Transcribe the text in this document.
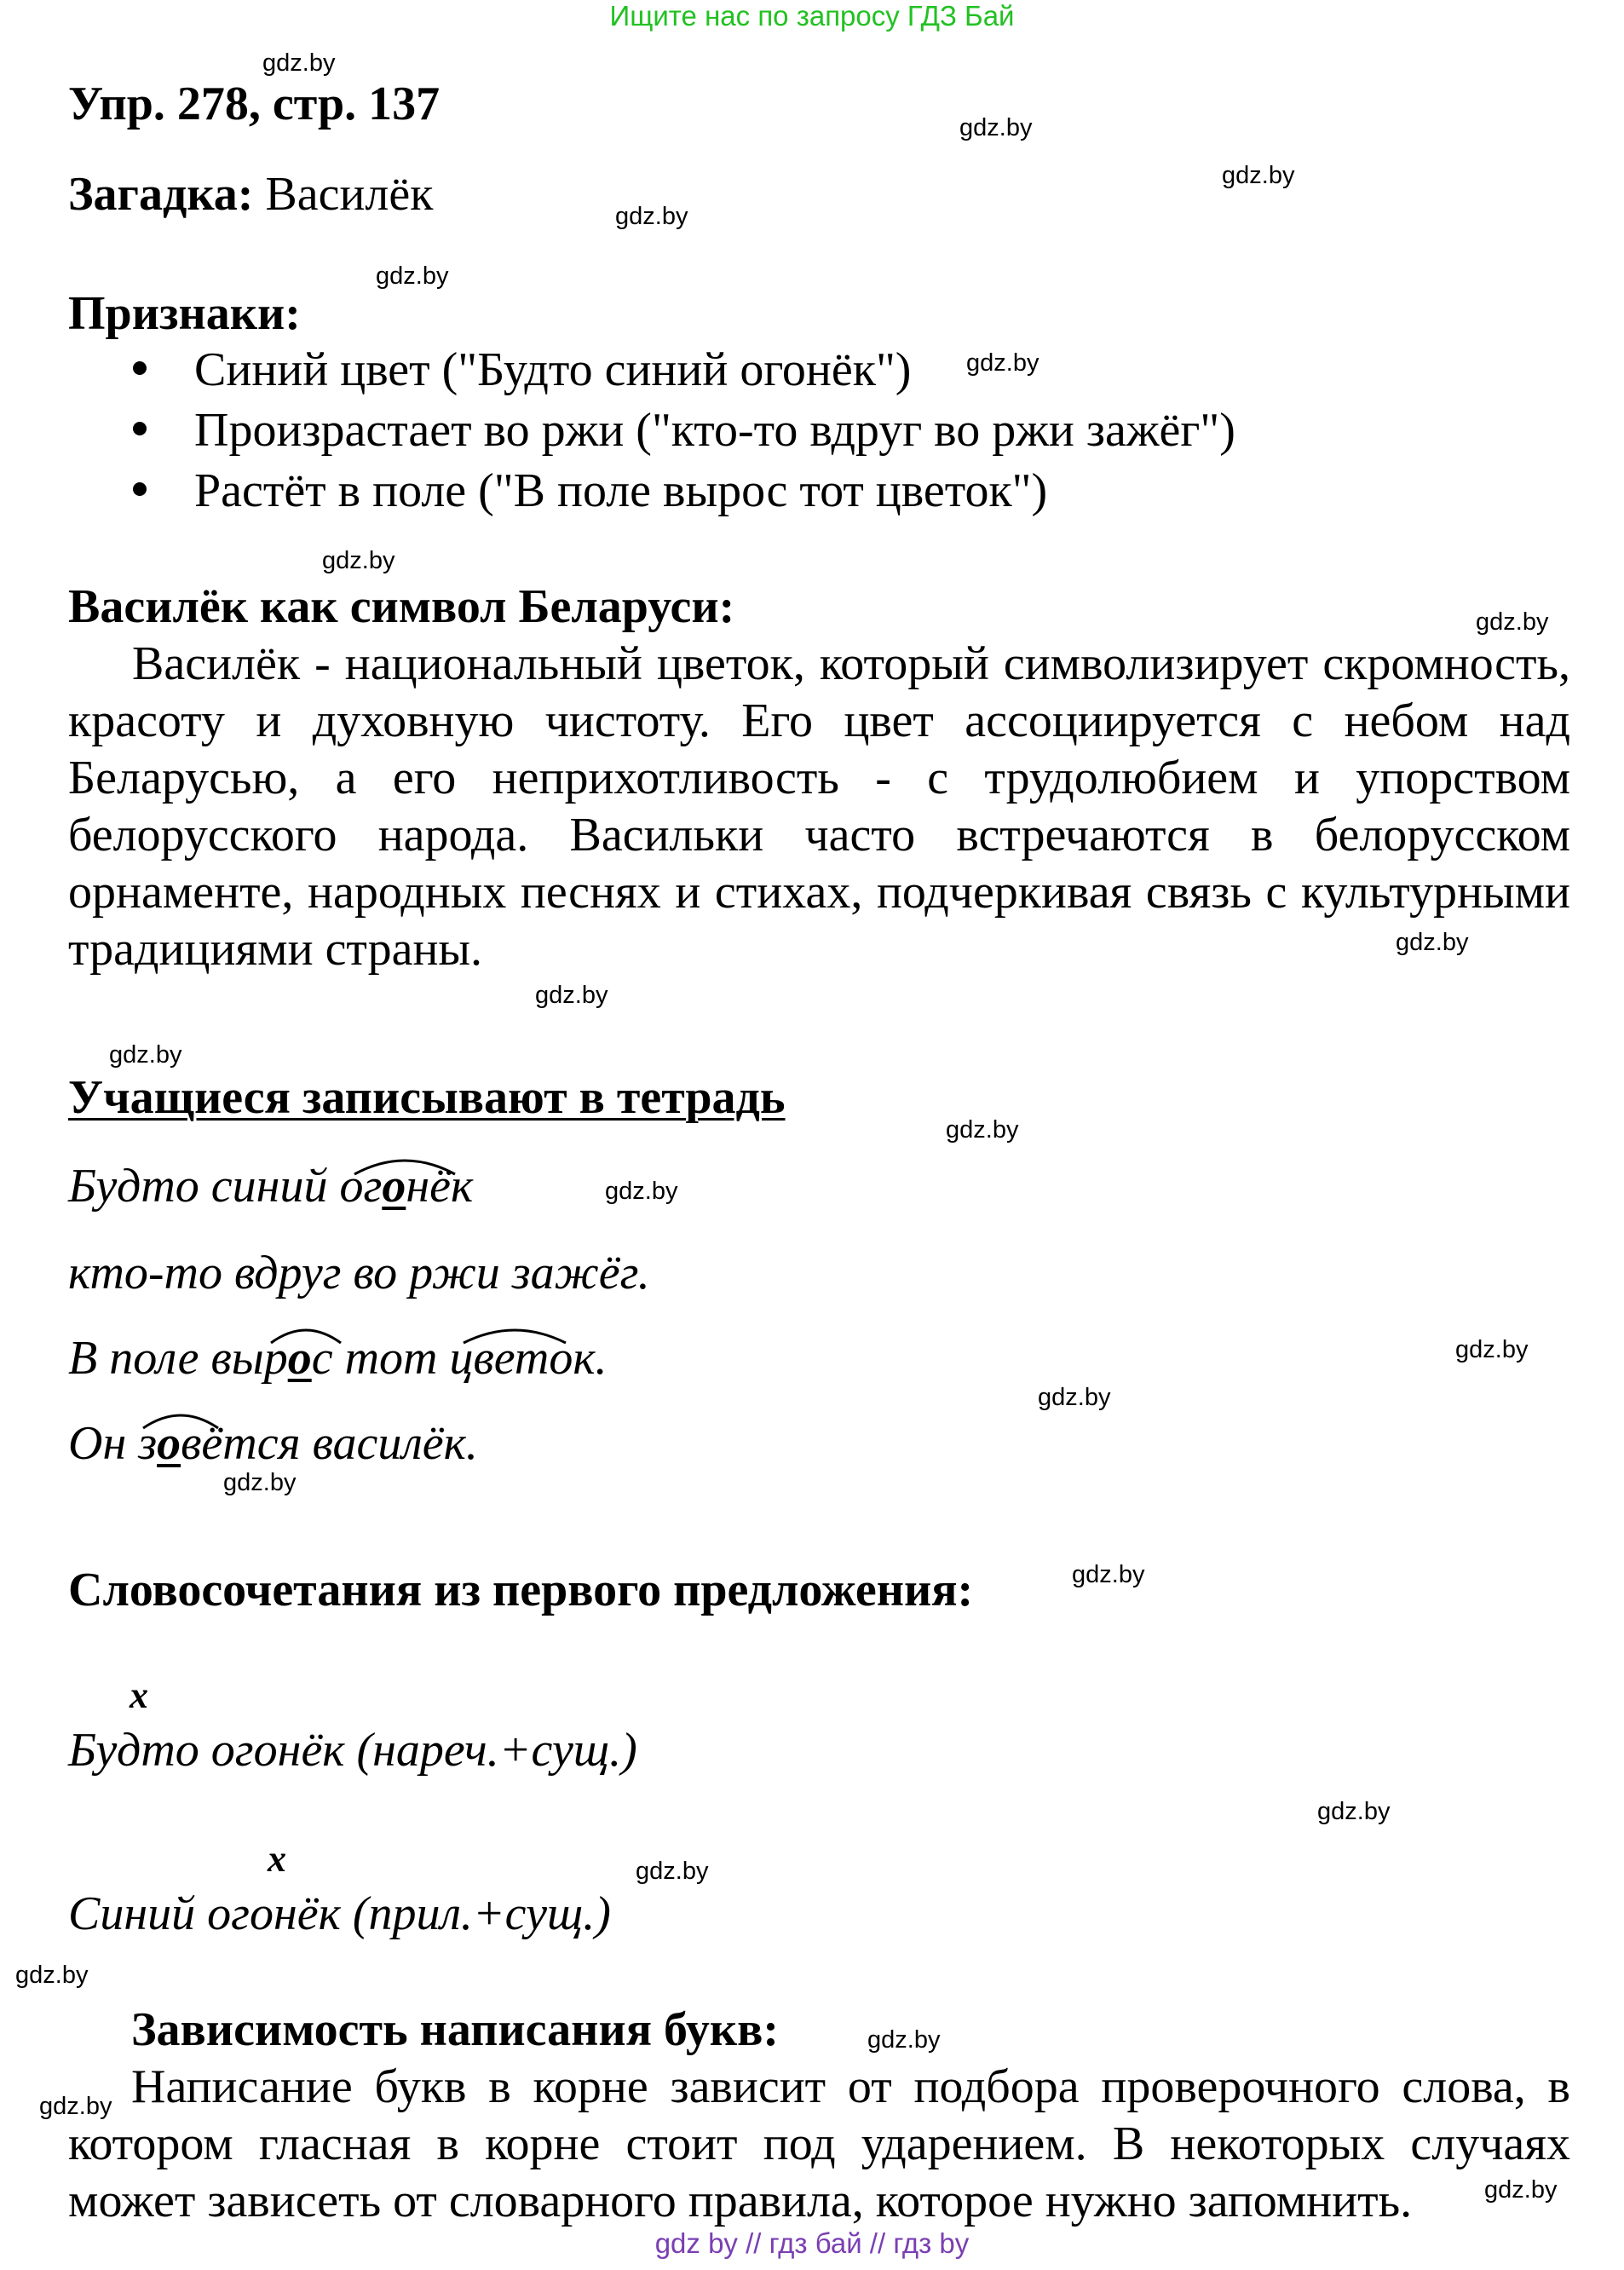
Ищите нас по запросу ГДЗ Бай
gdz.by
gdz.by
gdz.by
gdz.by
gdz.by
gdz.by
gdz.by
gdz.by
gdz.by
gdz.by
gdz.by
gdz.by
gdz.by
gdz.by
gdz.by
gdz.by
gdz.by
gdz.by
gdz.by
gdz.by
gdz.by
gdz.by
gdz.by
Упр. 278, стр. 137
Загадка: Василёк
Признаки:
Синий цвет ("Будто синий огонёк")
Произрастает во ржи ("кто-то вдруг во ржи зажёг")
Растёт в поле ("В поле вырос тот цветок")
Василёк как символ Беларуси:
Василёк - национальный цветок, который символизирует скромность, красоту и духовную чистоту. Его цвет ассоциируется с небом над Беларусью, а его неприхотливость - с трудолюбием и упорством белорусского народа. Васильки часто встречаются в белорусском орнаменте, народных песнях и стихах, подчеркивая связь с культурными традициями страны.
Учащиеся записывают в тетрадь
Будто синий огонёк
кто-то вдруг во ржи зажёг.
В поле вырос тот цветок.
Он зовётся василёк.
Словосочетания из первого предложения:
x
Будто огонёк (нареч.+сущ.)
x
Синий огонёк (прил.+сущ.)
Зависимость написания букв:
Написание букв в корне зависит от подбора проверочного слова, в котором гласная в корне стоит под ударением. В некоторых случаях может зависеть от словарного правила, которое нужно запомнить.
gdz by // гдз бай // гдз by
